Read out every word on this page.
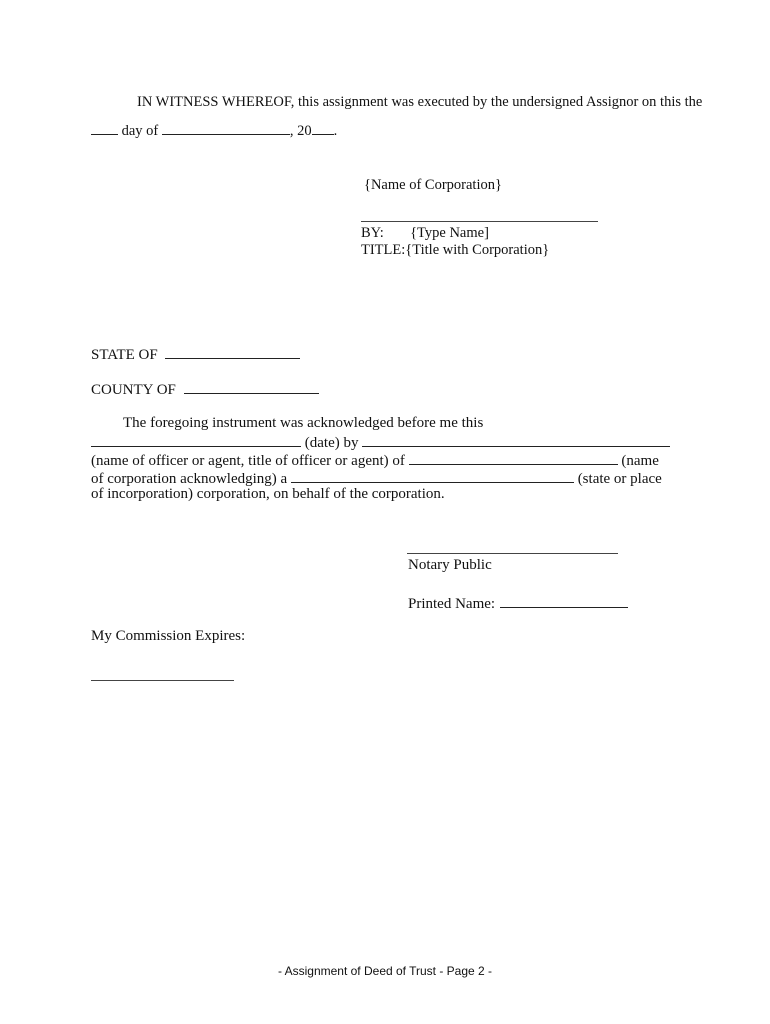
IN WITNESS WHEREOF, this assignment was executed by the undersigned Assignor on this the
day of	, 20 .
{Name of Corporation}
BY: {Type Name]
TITLE:{Title with Corporation}
STATE OF
COUNTY OF
The foregoing instrument was acknowledged before me this
(date) by
(name of officer or agent, title of officer or agent) of	(name
of corporation acknowledging) a	(state or place
of incorporation) corporation, on behalf of the corporation.
Notary Public
Printed Name:
My Commission Expires:
- Assignment of Deed of Trust - Page 2 -
